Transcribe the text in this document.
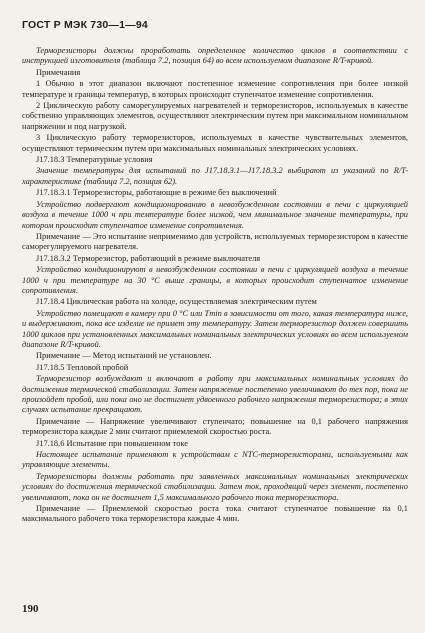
ГОСТ Р МЭК 730—1—94

Терморезисторы должны проработать определенное количество циклов в соответствии с инструкцией изготовителя (таблица 7.2, позиция 64) во всем используемом диапазоне R/T-кривой.

Примечания

1 Обычно в этот диапазон включают постепенное изменение сопротивления при более низкой температуре и границы температур, в которых происходит ступенчатое изменение сопротивления.

2 Циклическую работу саморегулируемых нагревателей и терморезисторов, используемых в качестве собственно управляющих элементов, осуществляют электрическим путем при максимальном номинальном напряжении и под нагрузкой.

3 Циклическую работу терморезисторов, используемых в качестве чувствительных элементов, осуществляют термическим путем при максимальных номинальных электрических условиях.

J17.18.3 Температурные условия

Значение температуры для испытаний по J17.18.3.1—J17.18.3.2 выбирают из указаний по R/T-характеристике (таблица 7.2, позиция 62).

J17.18.3.1 Терморезисторы, работающие в режиме без выключений

Устройство подвергают кондиционированию в невозбужденном состоянии в печи с циркуляцией воздуха в течение 1000 ч при температуре более низкой, чем минимальное значение температуры, при котором происходит ступенчатое изменение сопротивления.

Примечание — Это испытание неприменимо для устройств, используемых терморезистором в качестве саморегулируемого нагревателя.

J17.18.3.2 Терморезистор, работающий в режиме выключателя

Устройство кондиционируют в невозбужденном состоянии в печи с циркуляцией воздуха в течение 1000 ч при температуре на 30 °С выше границы, в которых происходит ступенчатое изменение сопротивления.

J17.18.4 Циклическая работа на холоде, осуществляемая электрическим путем

Устройство помещают в камеру при 0 °С или Tmin в зависимости от того, какая температура ниже, и выдерживают, пока все изделие не примет эту температуру. Затем терморезистор должен совершить 1000 циклов при установленных максимальных номинальных электрических условиях во всем используемом диапазоне R/T-кривой.

Примечание — Метод испытаний не установлен.

J17.18.5 Тепловой пробой

Терморезистор возбуждают и включают в работу при максимальных номинальных условиях до достижения термической стабилизации. Затем напряжение постепенно увеличивают до тех пор, пока не произойдет пробой, или пока оно не достигнет удвоенного рабочего напряжения терморезистора; в этих случаях испытание прекращают.

Примечание — Напряжение увеличивают ступенчато; повышение на 0,1 рабочего напряжения терморезистора каждые 2 мин считают приемлемой скоростью роста.

J17.18.6 Испытание при повышенном токе

Настоящее испытание применяют к устройствам с NTC-терморезисторами, используемыми как управляющие элементы.

Терморезисторы должны работать при заявленных максимальных номинальных электрических условиях до достижения термической стабилизации. Затем ток, проходящий через элемент, постепенно увеличивают, пока он не достигнет 1,5 максимального рабочего тока терморезистора.

Примечание — Приемлемой скоростью роста тока считают ступенчатое повышение на 0,1 максимального рабочего тока терморезистора каждые 4 мин.

190
